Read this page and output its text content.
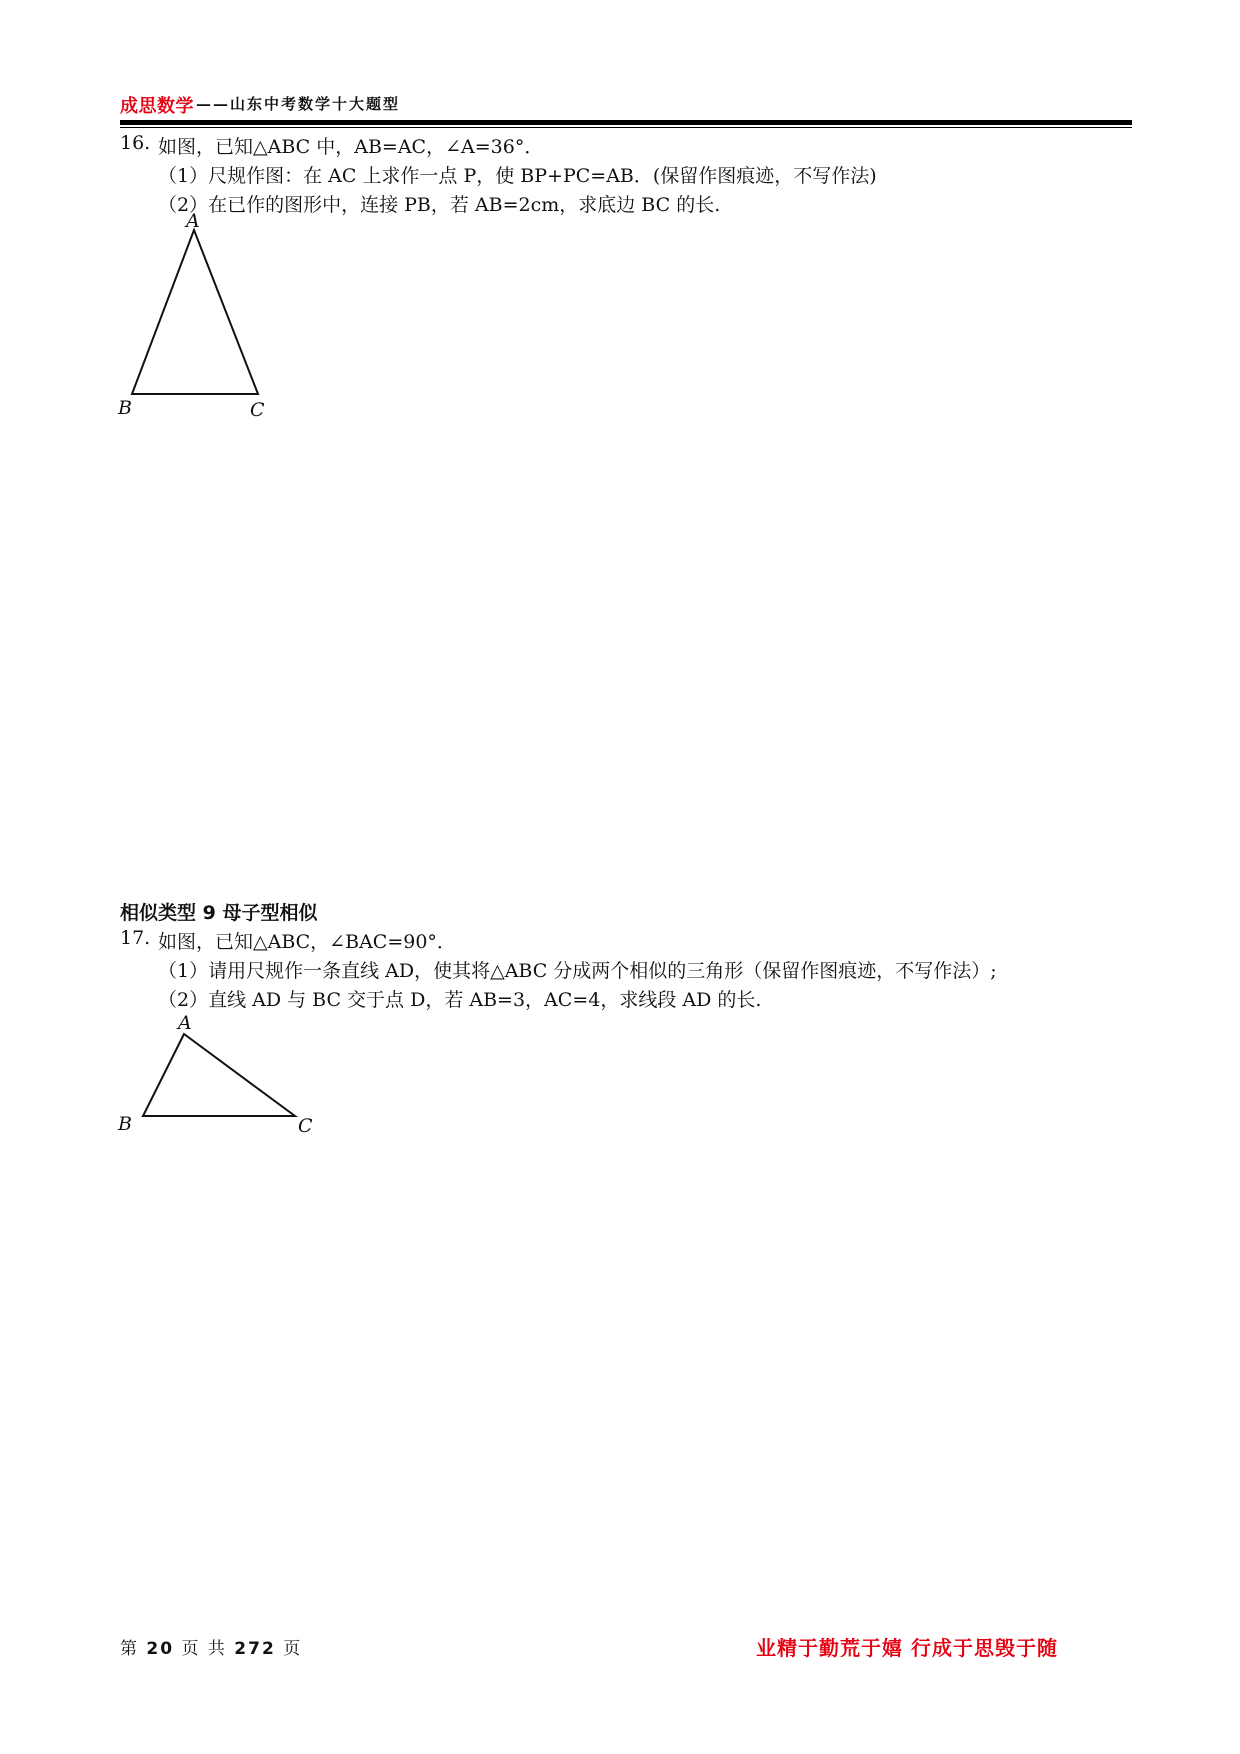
成思数学 ——山东中考数学十大题型
16. 如图，已知△ABC 中，AB=AC，∠A=36°．
（1）尺规作图：在 AC 上求作一点 P，使 BP+PC=AB．(保留作图痕迹，不写作法)
（2）在已作的图形中，连接 PB，若 AB=2cm，求底边 BC 的长.
A
B	C
相似类型 9 母子型相似
17. 如图，已知△ABC，∠BAC=90°．
（1）请用尺规作一条直线 AD，使其将△ABC 分成两个相似的三角形（保留作图痕迹，不写作法）;
（2）直线 AD 与 BC 交于点 D，若 AB=3，AC=4，求线段 AD 的长.
A
B	C
第 20 页 共 272 页	业精于勤荒于嬉 行成于思毁于随
